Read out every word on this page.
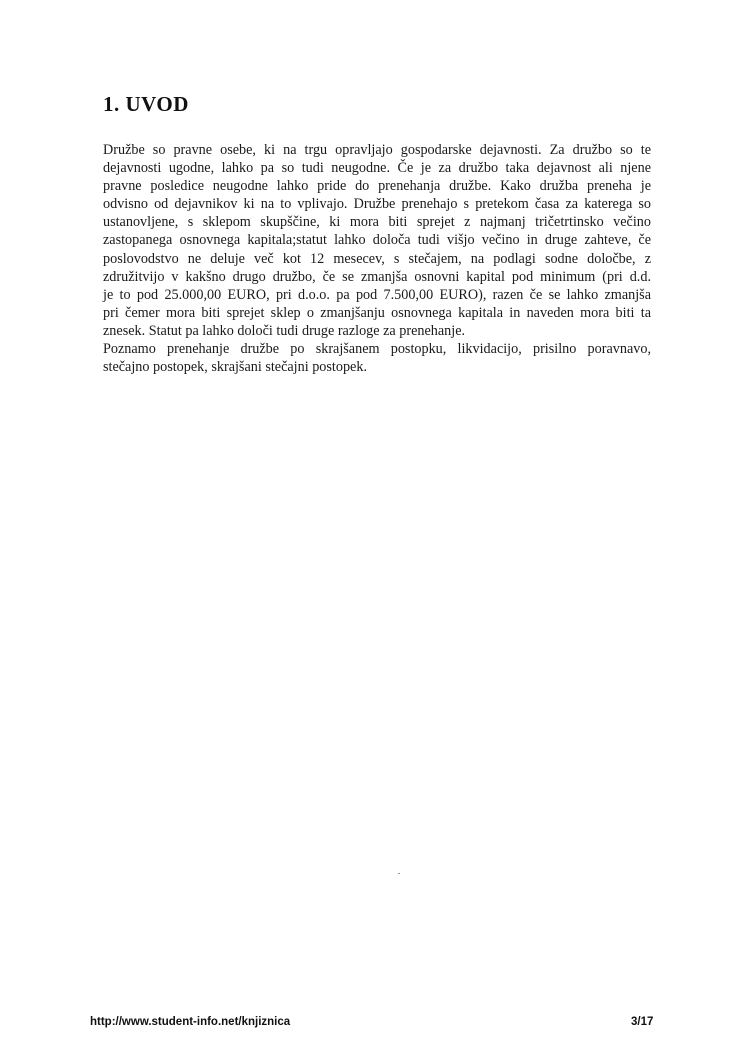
1. UVOD

Družbe so pravne osebe, ki na trgu opravljajo gospodarske dejavnosti. Za družbo so te
dejavnosti ugodne, lahko pa so tudi neugodne. Če je za družbo taka dejavnost ali njene
pravne posledice neugodne lahko pride do prenehanja družbe. Kako družba preneha je
odvisno od dejavnikov ki na to vplivajo. Družbe prenehajo s pretekom časa za katerega so
ustanovljene, s sklepom skupščine, ki mora biti sprejet z najmanj tričetrtinsko večino
zastopanega osnovnega kapitala;statut lahko določa tudi višjo večino in druge zahteve, če
poslovodstvo ne deluje več kot 12 mesecev, s stečajem, na podlagi sodne določbe, z
združitvijo v kakšno drugo družbo, če se zmanjša osnovni kapital pod minimum (pri d.d.
je to pod 25.000,00 EURO, pri d.o.o. pa pod 7.500,00 EURO), razen če se lahko zmanjša
pri čemer mora biti sprejet sklep o zmanjšanju osnovnega kapitala in naveden mora biti ta
znesek. Statut pa lahko določi tudi druge razloge za prenehanje.

Poznamo prenehanje družbe po skrajšanem postopku, likvidacijo, prisilno poravnavo,
stečajno postopek, skrajšani stečajni postopek.

http://www.student-info.net/knjiznica	3/17
